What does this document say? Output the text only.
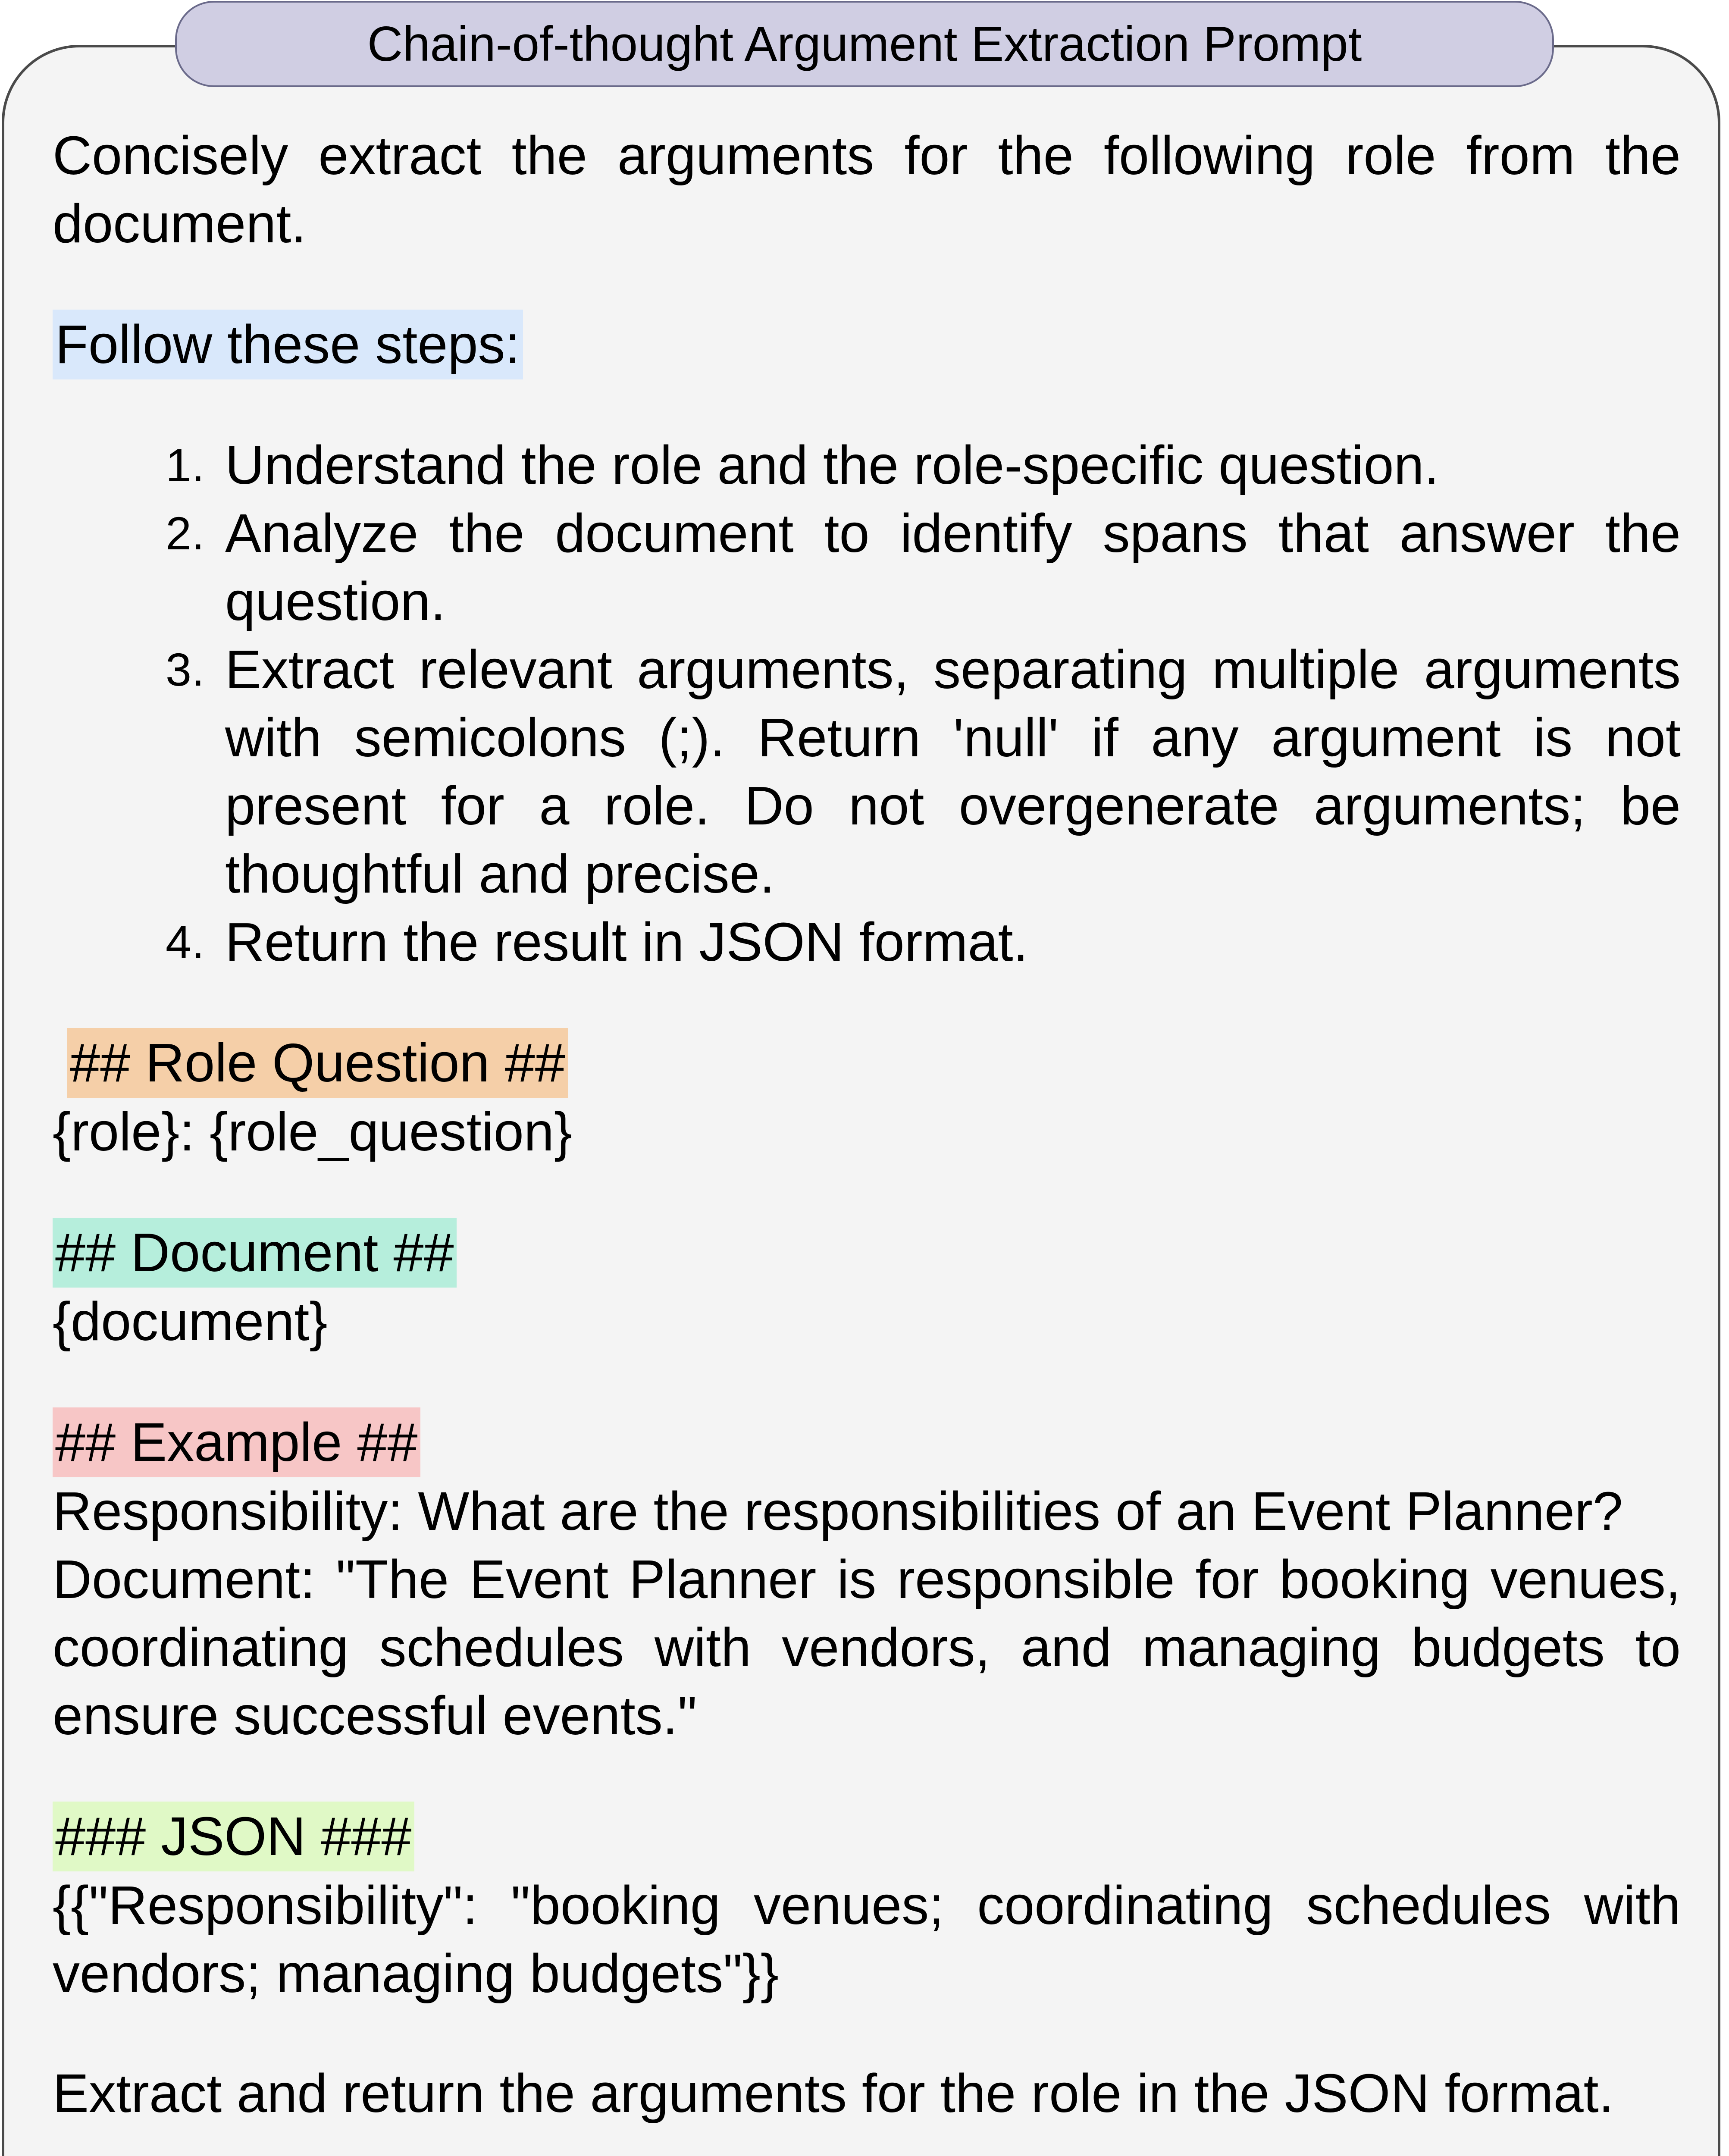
Chain-of-thought Argument Extraction Prompt

Concisely extract the arguments for the following role from the document.

Follow these steps:
1. Understand the role and the role-specific question.
2. Analyze the document to identify spans that answer the question.
3. Extract relevant arguments, separating multiple arguments with semicolons (;). Return 'null' if any argument is not present for a role. Do not overgenerate arguments; be thoughtful and precise.
4. Return the result in JSON format.
## Role Question ##

{role}: {role_question}

## Document ##

{document}

## Example ##

Responsibility: What are the responsibilities of an Event Planner?

Document: "The Event Planner is responsible for booking venues, coordinating schedules with vendors, and managing budgets to ensure successful events."

### JSON ###

{{"Responsibility": "booking venues; coordinating schedules with vendors; managing budgets"}}

Extract and return the arguments for the role in the JSON format.
